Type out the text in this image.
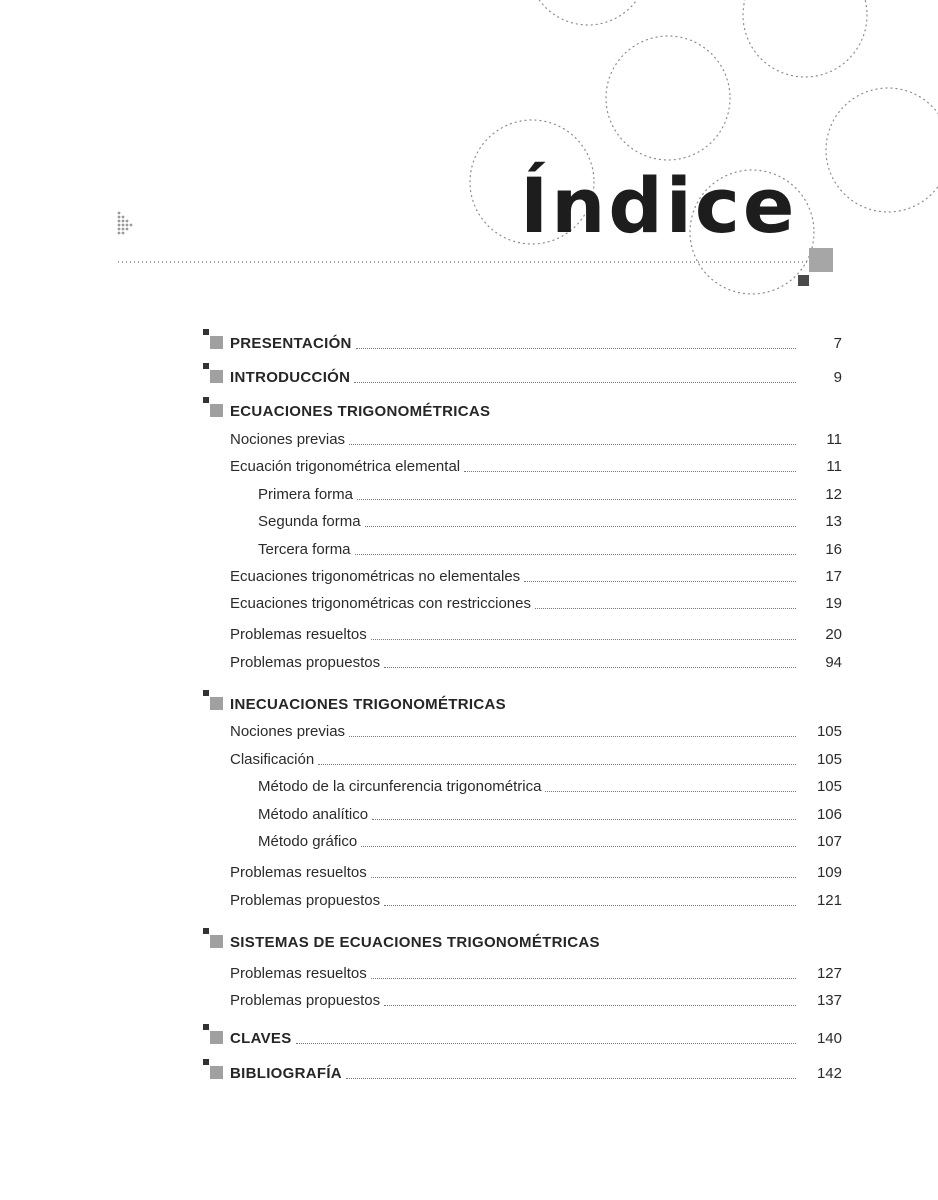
Índice
PRESENTACIÓN	7
INTRODUCCIÓN	9
ECUACIONES TRIGONOMÉTRICAS
Nociones previas	11
Ecuación trigonométrica elemental	11
Primera forma	12
Segunda forma	13
Tercera forma	16
Ecuaciones trigonométricas no elementales	17
Ecuaciones trigonométricas con restricciones	19
Problemas resueltos	20
Problemas propuestos	94
INECUACIONES TRIGONOMÉTRICAS
Nociones previas	105
Clasificación	105
Método de la circunferencia trigonométrica	105
Método analítico	106
Método gráfico	107
Problemas resueltos	109
Problemas propuestos	121
SISTEMAS DE ECUACIONES TRIGONOMÉTRICAS
Problemas resueltos	127
Problemas propuestos	137
CLAVES	140
BIBLIOGRAFÍA	142
